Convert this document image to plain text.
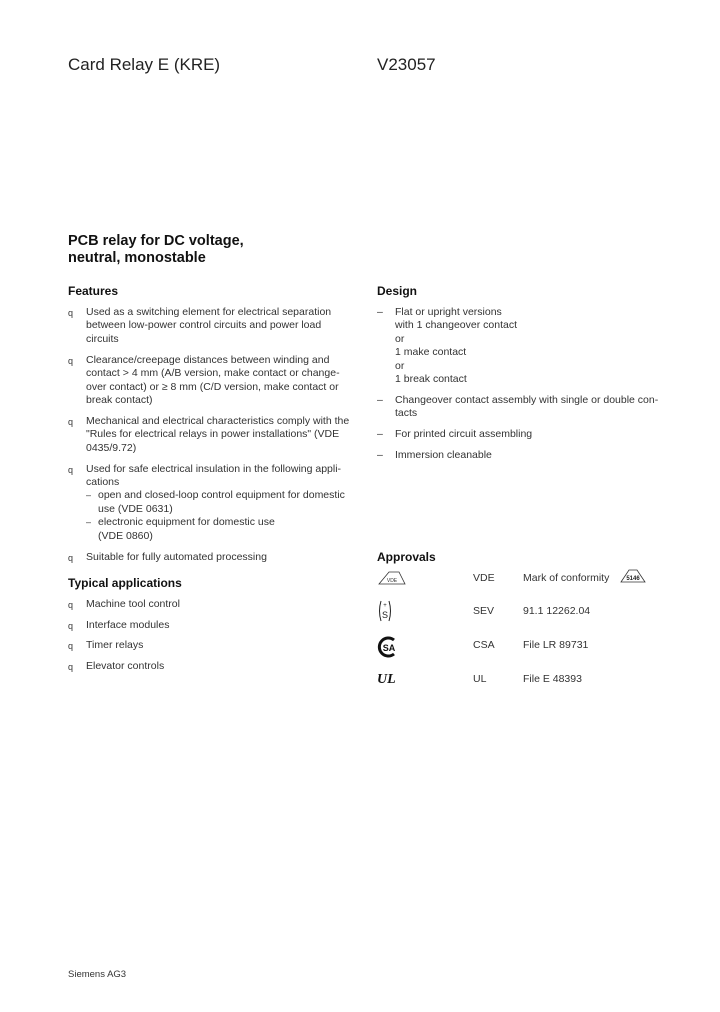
Card Relay E (KRE)	V23057
PCB relay for DC voltage,
neutral, monostable
Features
q Used as a switching element for electrical separation
between low-power control circuits and power load
circuits
q Clearance/creepage distances between winding and
contact > 4 mm (A/B version, make contact or change-
over contact) or ≥ 8 mm (C/D version, make contact or
break contact)
q Mechanical and electrical characteristics comply with the
"Rules for electrical relays in power installations" (VDE
0435/9.72)
q Used for safe electrical insulation in the following appli-
cations
– open and closed-loop control equipment for domestic
use (VDE 0631)
– electronic equipment for domestic use
(VDE 0860)
q Suitable for fully automated processing
Typical applications
q Machine tool control
q Interface modules
q Timer relays
q Elevator controls
Design
– Flat or upright versions
with 1 changeover contact
or
1 make contact
or
1 break contact
– Changeover contact assembly with single or double con-
tacts
– For printed circuit assembling
– Immersion cleanable
Approvals
VDE	VDE	Mark of conformity	5146
+
S	SEV	91.1 12262.04
SA	CSA	File LR 89731
UL	UL	File E 48393
Siemens AG3
